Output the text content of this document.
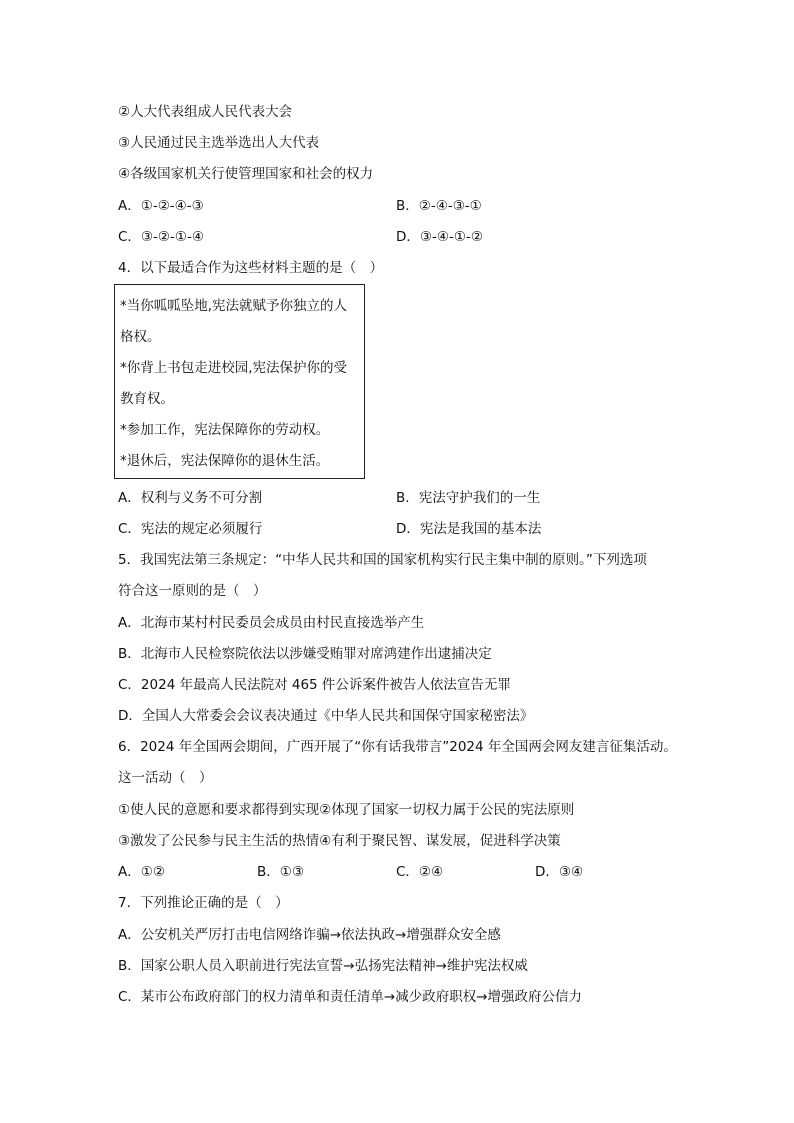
②人大代表组成人民代表大会
③人民通过民主选举选出人大代表
④各级国家机关行使管理国家和社会的权力
A．①-②-④-③	B．②-④-③-①
C．③-②-①-④	D．③-④-①-②
4．以下最适合作为这些材料主题的是（　）
*当你呱呱坠地,宪法就赋予你独立的人
格权。
*你背上书包走进校园,宪法保护你的受
教育权。
*参加工作，宪法保障你的劳动权。
*退休后，宪法保障你的退休生活。
A．权利与义务不可分割	B．宪法守护我们的一生
C．宪法的规定必须履行	D．宪法是我国的基本法
5．我国宪法第三条规定：“中华人民共和国的国家机构实行民主集中制的原则。”下列选项
符合这一原则的是（　）
A．北海市某村村民委员会成员由村民直接选举产生
B．北海市人民检察院依法以涉嫌受贿罪对席鸿建作出逮捕决定
C．2024 年最高人民法院对 465 件公诉案件被告人依法宣告无罪
D．全国人大常委会会议表决通过《中华人民共和国保守国家秘密法》
6．2024 年全国两会期间，广西开展了“你有话我带言”2024 年全国两会网友建言征集活动。
这一活动（　）
①使人民的意愿和要求都得到实现②体现了国家一切权力属于公民的宪法原则
③激发了公民参与民主生活的热情④有利于聚民智、谋发展，促进科学决策
A．①②	B．①③	C．②④	D．③④
7．下列推论正确的是（　）
A．公安机关严厉打击电信网络诈骗→依法执政→增强群众安全感
B．国家公职人员入职前进行宪法宣誓→弘扬宪法精神→维护宪法权威
C．某市公布政府部门的权力清单和责任清单→减少政府职权→增强政府公信力
